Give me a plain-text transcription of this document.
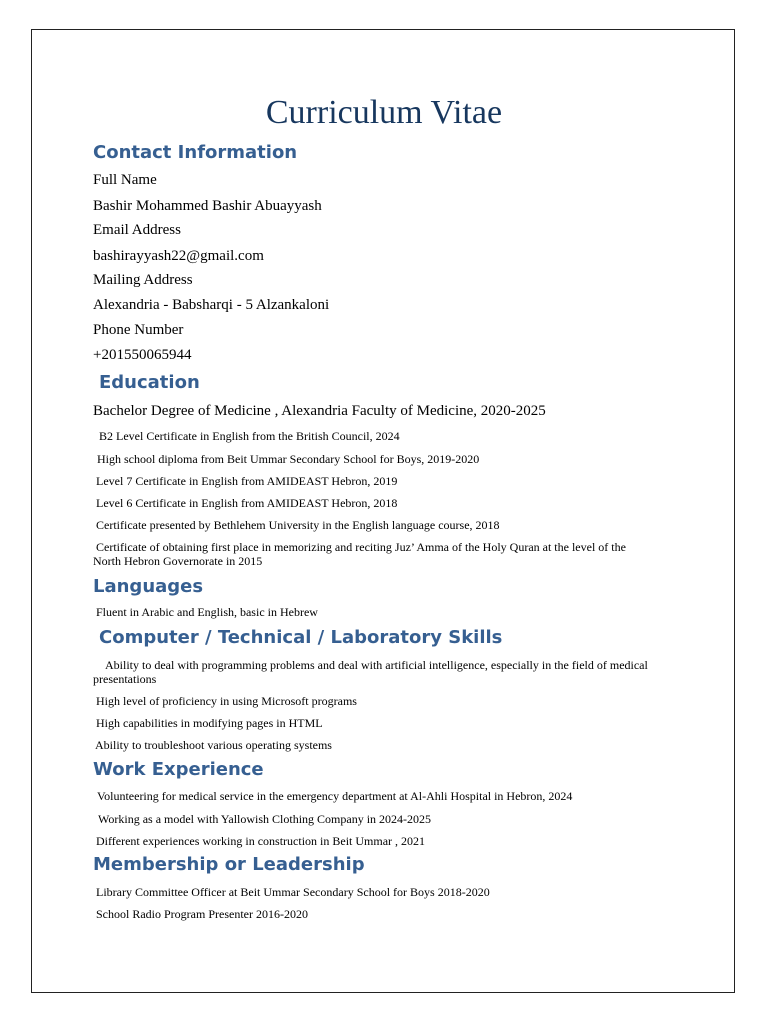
Curriculum Vitae
Contact Information
Full Name
Bashir Mohammed Bashir Abuayyash
Email Address
bashirayyash22@gmail.com
Mailing Address
Alexandria - Babsharqi - 5 Alzankaloni
Phone Number
+201550065944
Education
Bachelor Degree of Medicine , Alexandria Faculty of Medicine, 2020-2025
B2 Level Certificate in English from the British Council, 2024
High school diploma from Beit Ummar Secondary School for Boys, 2019-2020
Level 7 Certificate in English from AMIDEAST Hebron, 2019
Level 6 Certificate in English from AMIDEAST Hebron, 2018
Certificate presented by Bethlehem University in the English language course, 2018
Certificate of obtaining first place in memorizing and reciting Juz’ Amma of the Holy Quran at the level of the North Hebron Governorate in 2015
Languages
Fluent in Arabic and English, basic in Hebrew
Computer / Technical / Laboratory Skills
Ability to deal with programming problems and deal with artificial intelligence, especially in the field of medical presentations
High level of proficiency in using Microsoft programs
High capabilities in modifying pages in HTML
Ability to troubleshoot various operating systems
Work Experience
Volunteering for medical service in the emergency department at Al-Ahli Hospital in Hebron, 2024
Working as a model with Yallowish Clothing Company in 2024-2025
Different experiences working in construction in Beit Ummar , 2021
Membership or Leadership
Library Committee Officer at Beit Ummar Secondary School for Boys 2018-2020
School Radio Program Presenter 2016-2020
